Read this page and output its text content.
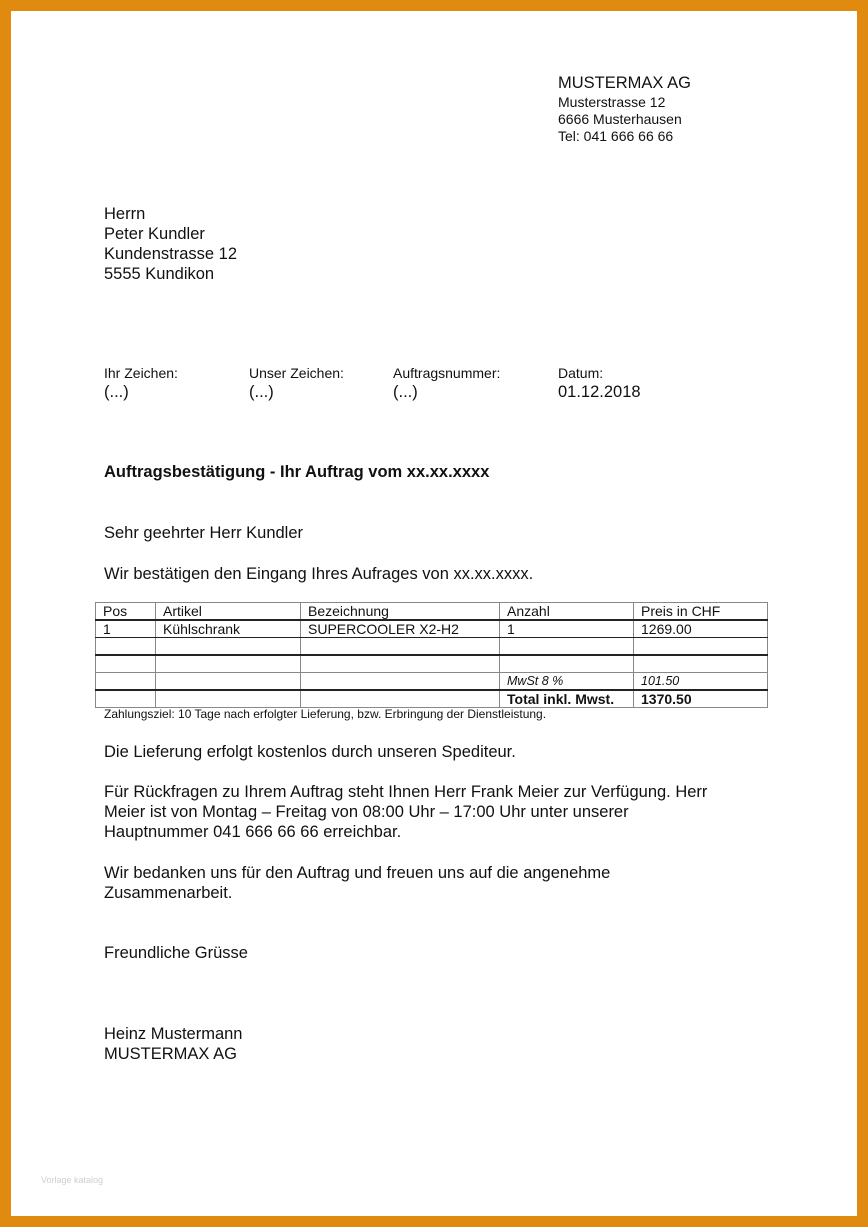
MUSTERMAX AG
Musterstrasse 12
6666 Musterhausen
Tel: 041 666 66 66
Herrn
Peter Kundler
Kundenstrasse 12
5555 Kundikon
Ihr Zeichen:
(...)
Unser Zeichen:
(...)
Auftragsnummer:
(...)
Datum:
01.12.2018
Auftragsbestätigung - Ihr Auftrag vom xx.xx.xxxx
Sehr geehrter Herr Kundler
Wir bestätigen den Eingang Ihres Aufrages von xx.xx.xxxx.
Pos	Artikel	Bezeichnung	Anzahl	Preis in CHF
1	Kühlschrank	SUPERCOOLER X2-H2	1	1269.00

			MwSt 8 %	101.50
			Total inkl. Mwst.	1370.50
Zahlungsziel: 10 Tage nach erfolgter Lieferung, bzw. Erbringung der Dienstleistung.
Die Lieferung erfolgt kostenlos durch unseren Spediteur.
Für Rückfragen zu Ihrem Auftrag steht Ihnen Herr Frank Meier zur Verfügung. Herr
Meier ist von Montag – Freitag von 08:00 Uhr – 17:00 Uhr unter unserer
Hauptnummer 041 666 66 66 erreichbar.
Wir bedanken uns für den Auftrag und freuen uns auf die angenehme
Zusammenarbeit.
Freundliche Grüsse
Heinz Mustermann
MUSTERMAX AG
Vorlage katalog
